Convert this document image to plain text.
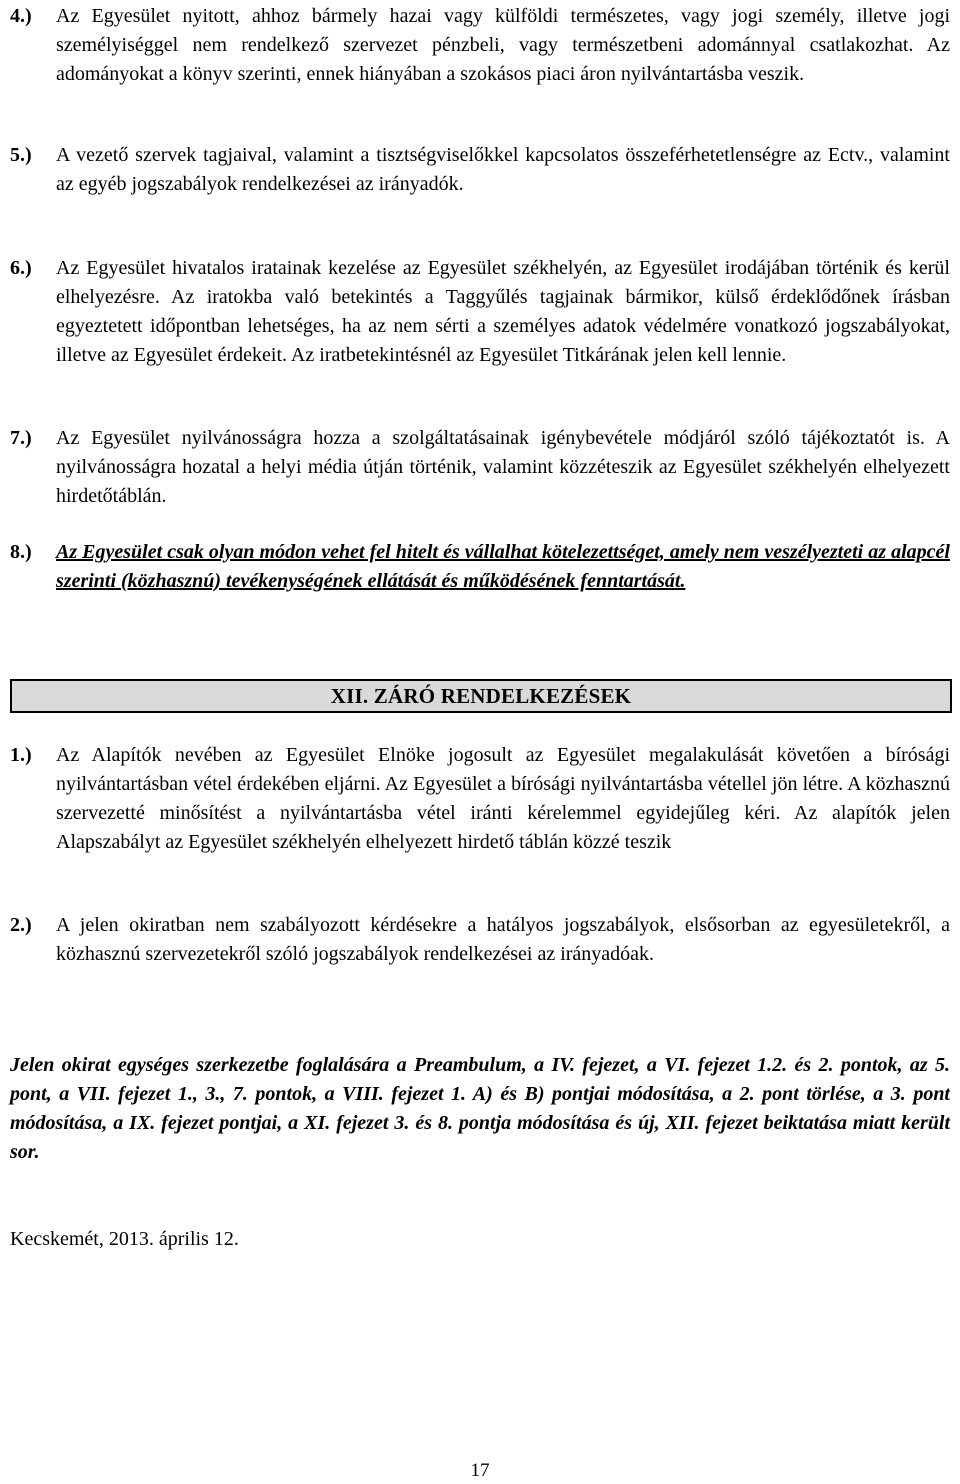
4.)	Az Egyesület nyitott, ahhoz bármely hazai vagy külföldi természetes, vagy jogi személy, illetve jogi személyiséggel nem rendelkező szervezet pénzbeli, vagy természetbeni adománnyal csatlakozhat. Az adományokat a könyv szerinti, ennek hiányában a szokásos piaci áron nyilvántartásba veszik.
5.)	A vezető szervek tagjaival, valamint a tisztségviselőkkel kapcsolatos összeférhetetlenségre az Ectv., valamint az egyéb jogszabályok rendelkezései az irányadók.
6.)	Az Egyesület hivatalos iratainak kezelése az Egyesület székhelyén, az Egyesület irodájában történik és kerül elhelyezésre. Az iratokba való betekintés a Taggyűlés tagjainak bármikor, külső érdeklődőnek írásban egyeztetett időpontban lehetséges, ha az nem sérti a személyes adatok védelmére vonatkozó jogszabályokat, illetve az Egyesület érdekeit. Az iratbetekintésnél az Egyesület Titkárának jelen kell lennie.
7.)	Az Egyesület nyilvánosságra hozza a szolgáltatásainak igénybevétele módjáról szóló tájékoztatót is. A nyilvánosságra hozatal a helyi média útján történik, valamint közzéteszik az Egyesület székhelyén elhelyezett hirdetőtáblán.
8.)	Az Egyesület csak olyan módon vehet fel hitelt és vállalhat kötelezettséget, amely nem veszélyezteti az alapcél szerinti (közhasznú) tevékenységének ellátását és működésének fenntartását.
XII. ZÁRÓ RENDELKEZÉSEK
1.)	Az Alapítók nevében az Egyesület Elnöke jogosult az Egyesület megalakulását követően a bírósági nyilvántartásban vétel érdekében eljárni. Az Egyesület a bírósági nyilvántartásba vétellel jön létre. A közhasznú szervezetté minősítést a nyilvántartásba vétel iránti kérelemmel egyidejűleg kéri. Az alapítók jelen Alapszabályt az Egyesület székhelyén elhelyezett hirdető táblán közzé teszik
2.)	A jelen okiratban nem szabályozott kérdésekre a hatályos jogszabályok, elsősorban az egyesületekről, a közhasznú szervezetekről szóló jogszabályok rendelkezései az irányadóak.
Jelen okirat egységes szerkezetbe foglalására a Preambulum, a IV. fejezet, a VI. fejezet 1.2. és 2. pontok, az 5. pont, a VII. fejezet 1., 3., 7. pontok, a VIII. fejezet 1. A) és B) pontjai módosítása, a 2. pont törlése, a 3. pont módosítása, a IX. fejezet pontjai, a XI. fejezet 3. és 8. pontja módosítása és új, XII. fejezet beiktatása miatt került sor.
Kecskemét, 2013. április 12.
17
